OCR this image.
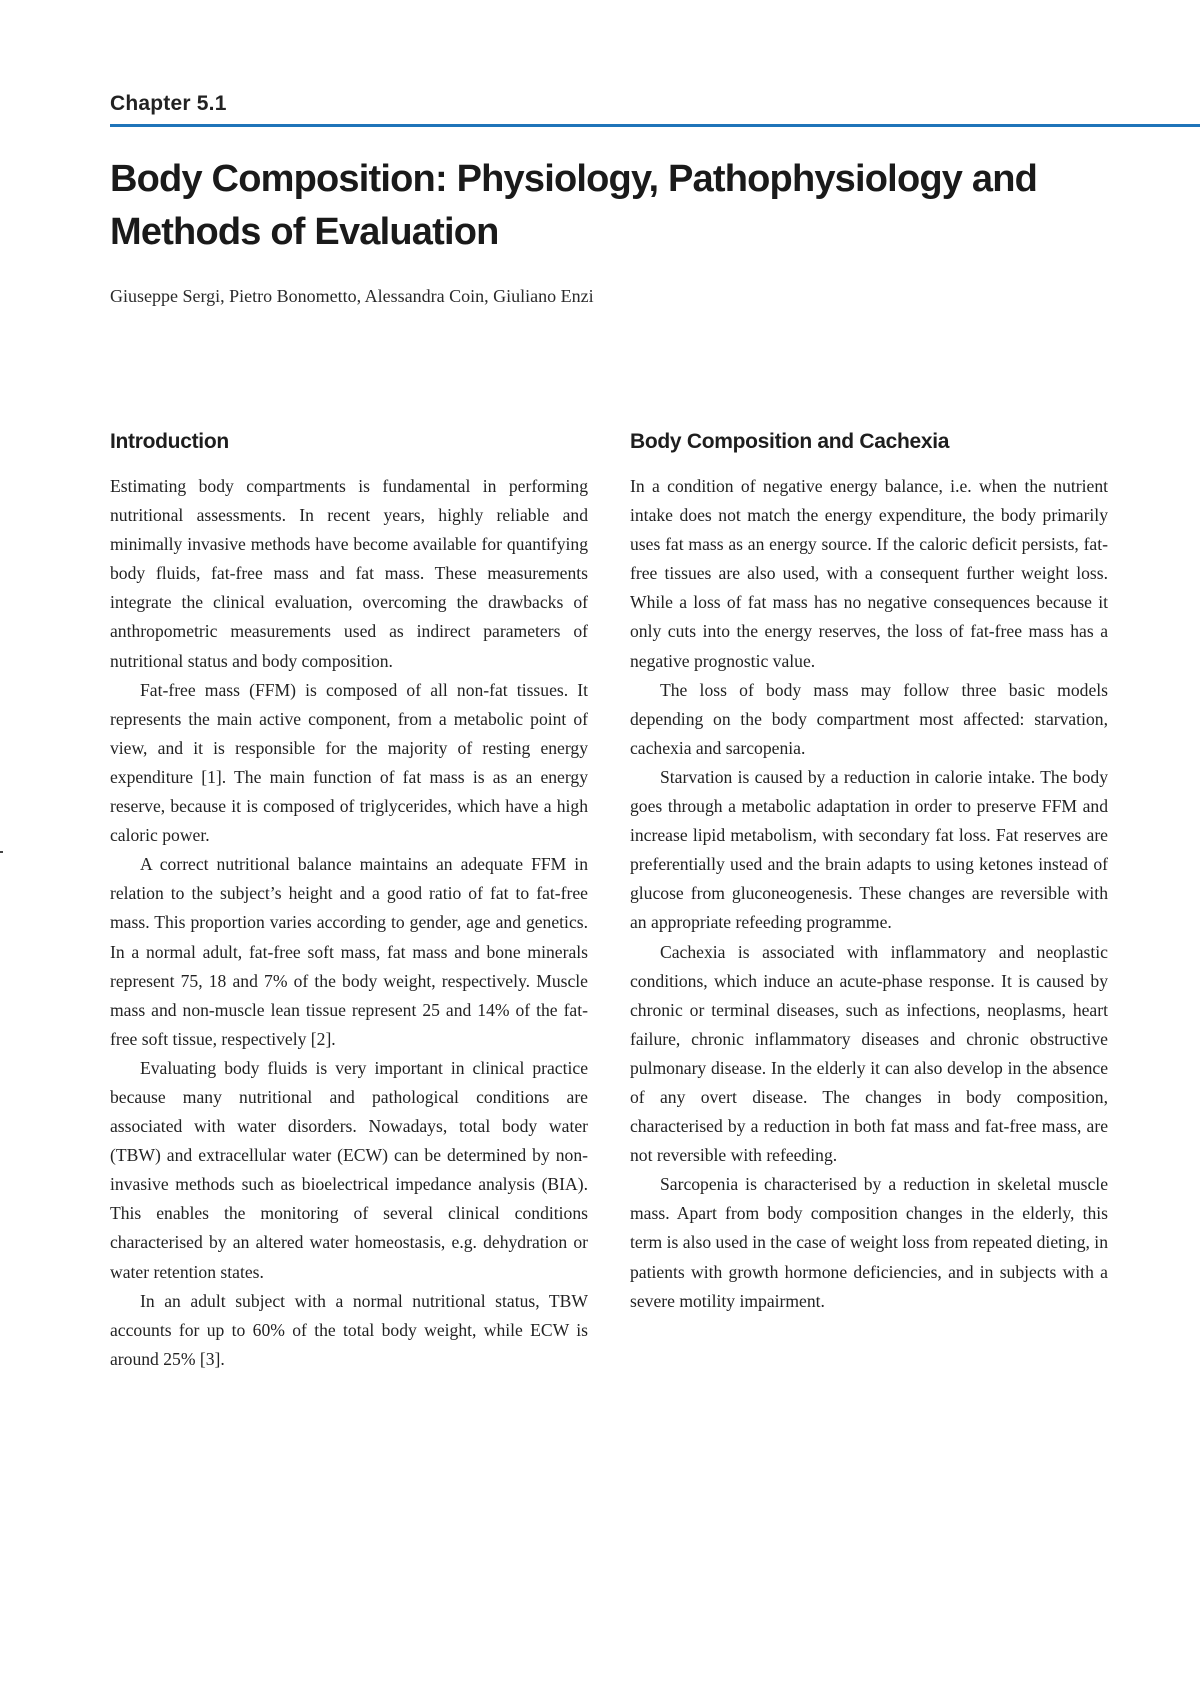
Chapter 5.1
Body Composition: Physiology, Pathophysiology and
Methods of Evaluation
Giuseppe Sergi, Pietro Bonometto, Alessandra Coin, Giuliano Enzi
Introduction

Estimating body compartments is fundamental in performing nutritional assessments. In recent years, highly reliable and minimally invasive methods have become available for quantifying body fluids, fat-free mass and fat mass. These measurements integrate the clinical evaluation, overcoming the drawbacks of anthropometric measurements used as indirect parameters of nutritional status and body composition.

Fat-free mass (FFM) is composed of all non-fat tissues. It represents the main active component, from a metabolic point of view, and it is responsible for the majority of resting energy expenditure [1]. The main function of fat mass is as an energy reserve, because it is composed of triglycerides, which have a high caloric power.

A correct nutritional balance maintains an adequate FFM in relation to the subject’s height and a good ratio of fat to fat-free mass. This proportion varies according to gender, age and genetics. In a normal adult, fat-free soft mass, fat mass and bone minerals represent 75, 18 and 7% of the body weight, respectively. Muscle mass and non-muscle lean tissue represent 25 and 14% of the fat-free soft tissue, respectively [2].

Evaluating body fluids is very important in clinical practice because many nutritional and pathological conditions are associated with water disorders. Nowadays, total body water (TBW) and extracellular water (ECW) can be determined by non-invasive methods such as bioelectrical impedance analysis (BIA). This enables the monitoring of several clinical conditions characterised by an altered water homeostasis, e.g. dehydration or water retention states.

In an adult subject with a normal nutritional status, TBW accounts for up to 60% of the total body weight, while ECW is around 25% [3].

Body Composition and Cachexia

In a condition of negative energy balance, i.e. when the nutrient intake does not match the energy expenditure, the body primarily uses fat mass as an energy source. If the caloric deficit persists, fat-free tissues are also used, with a consequent further weight loss. While a loss of fat mass has no negative consequences because it only cuts into the energy reserves, the loss of fat-free mass has a negative prognostic value.

The loss of body mass may follow three basic models depending on the body compartment most affected: starvation, cachexia and sarcopenia.

Starvation is caused by a reduction in calorie intake. The body goes through a metabolic adaptation in order to preserve FFM and increase lipid metabolism, with secondary fat loss. Fat reserves are preferentially used and the brain adapts to using ketones instead of glucose from gluconeogenesis. These changes are reversible with an appropriate refeeding programme.

Cachexia is associated with inflammatory and neoplastic conditions, which induce an acute-phase response. It is caused by chronic or terminal diseases, such as infections, neoplasms, heart failure, chronic inflammatory diseases and chronic obstructive pulmonary disease. In the elderly it can also develop in the absence of any overt disease. The changes in body composition, characterised by a reduction in both fat mass and fat-free mass, are not reversible with refeeding.

Sarcopenia is characterised by a reduction in skeletal muscle mass. Apart from body composition changes in the elderly, this term is also used in the case of weight loss from repeated dieting, in patients with growth hormone deficiencies, and in subjects with a severe motility impairment.
